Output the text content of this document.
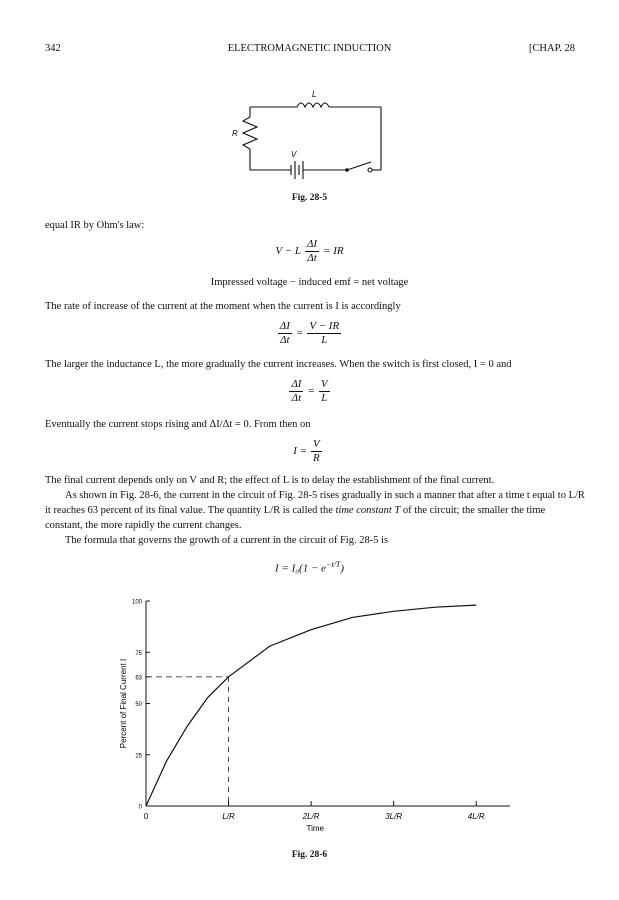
342	ELECTROMAGNETIC INDUCTION	[CHAP. 28
L
R
V
Fig. 28-5
equal IR by Ohm's law:
V − L $\frac{\Delta I}{\Delta t}$ = IR
Impressed voltage − induced emf = net voltage
The rate of increase of the current at the moment when the current is I is accordingly
$\frac{\Delta I}{\Delta t} = \frac{V - IR}{L}$
The larger the inductance L, the more gradually the current increases. When the switch is first closed, I = 0 and
$\frac{\Delta I}{\Delta t} = \frac{V}{L}$
Eventually the current stops rising and ΔI/Δt = 0. From then on
$I = \frac{V}{R}$
The final current depends only on V and R; the effect of L is to delay the establishment of the final current.
As shown in Fig. 28-6, the current in the circuit of Fig. 28-5 rises gradually in such a manner that after a time t equal to L/R it reaches 63 percent of its final value. The quantity L/R is called the time constant T of the circuit; the smaller the time constant, the more rapidly the current changes.
The formula that governs the growth of a current in the circuit of Fig. 28-5 is
$I = I_0(1 - e^{-t/T})$
0	L/R	2L/R	3L/R	4L/R
0
25
50
63
75
100
Time
Percent of Final Current I
Fig. 28-6
